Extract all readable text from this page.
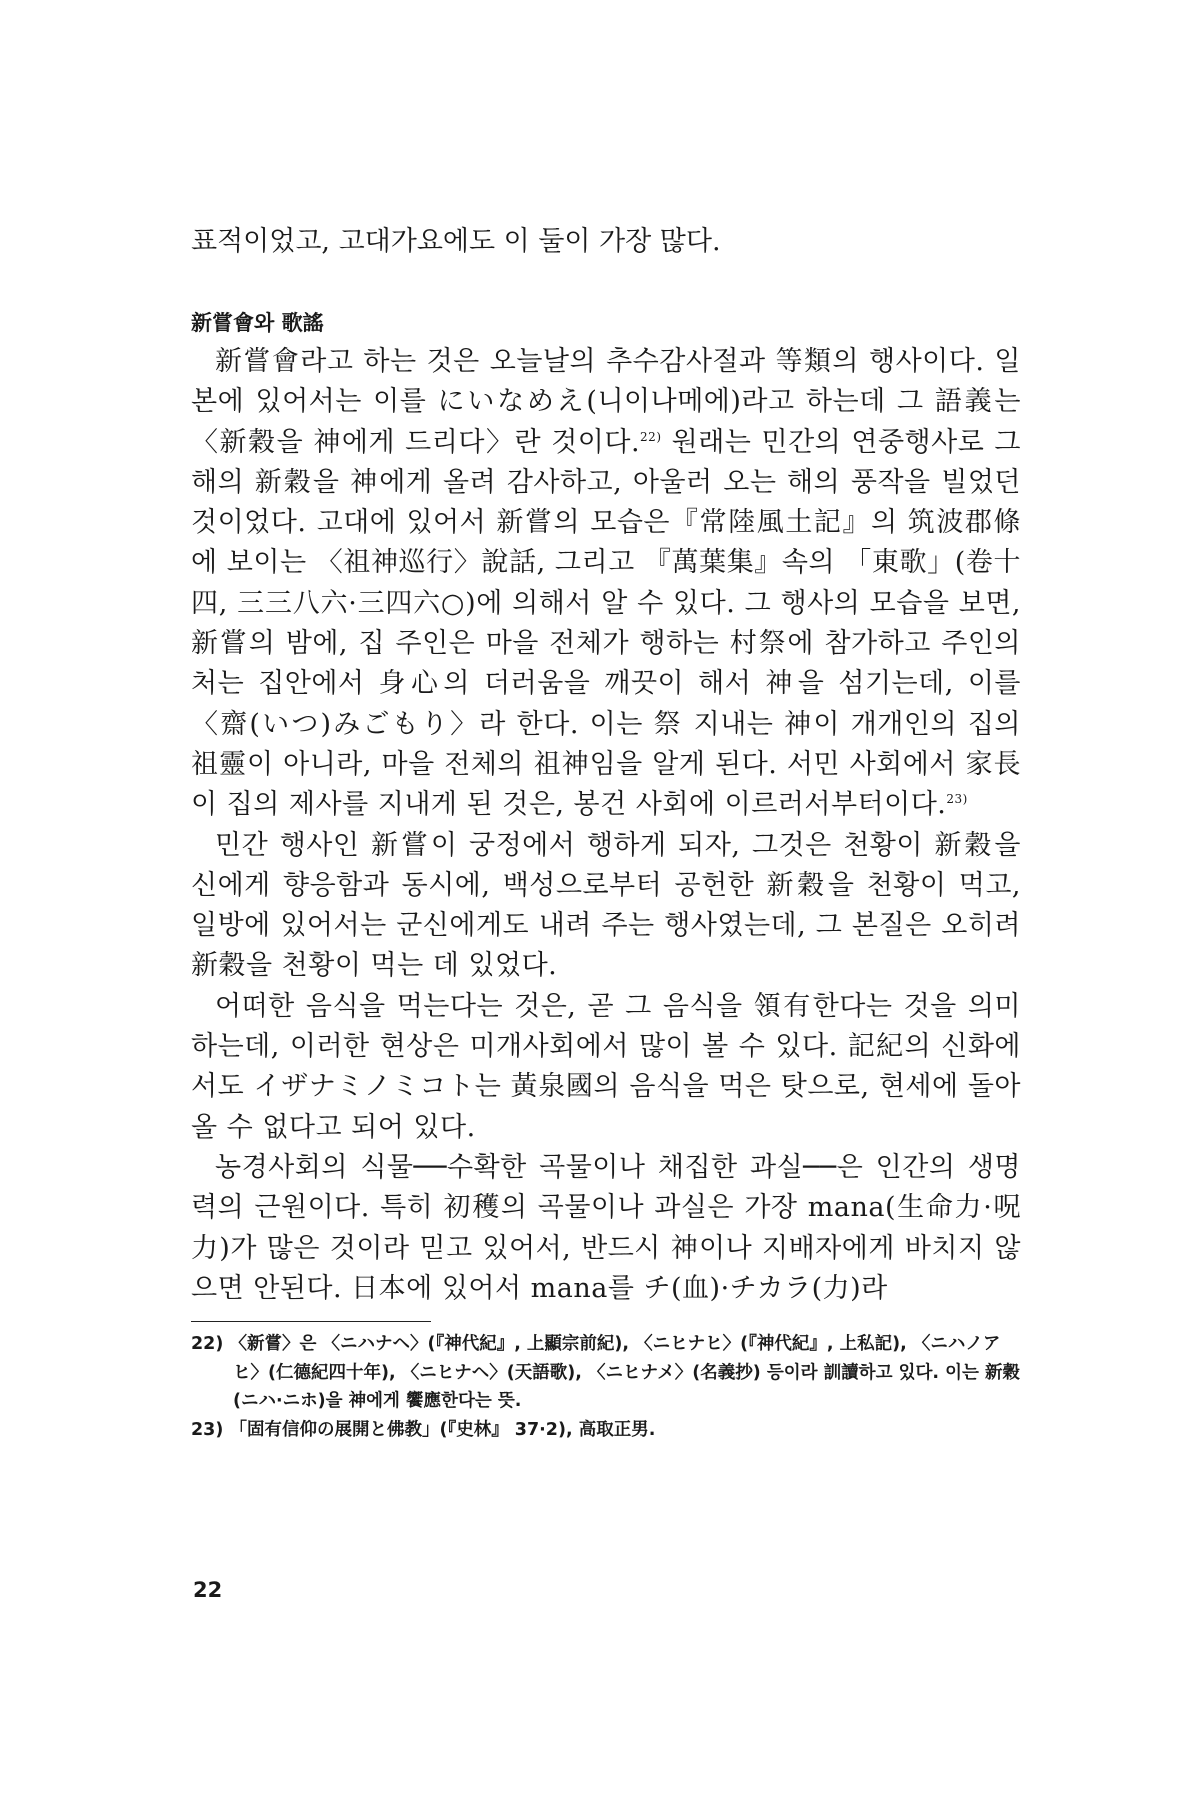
표적이었고, 고대가요에도 이 둘이 가장 많다.

新嘗會와 歌謠

新嘗會라고 하는 것은 오늘날의 추수감사절과 等類의 행사이다. 일본에 있어서는 이를 にいなめえ(니이나메에)라고 하는데 그 語義는 〈新穀을 神에게 드리다〉란 것이다.$^{22)}$ 원래는 민간의 연중행사로 그 해의 新穀을 神에게 올려 감사하고, 아울러 오는 해의 풍작을 빌었던 것이었다. 고대에 있어서 新嘗의 모습은『常陸風土記』의 筑波郡條에 보이는 〈祖神巡行〉說話, 그리고 『萬葉集』속의 「東歌」(卷十四, 三三八六·三四六○)에 의해서 알 수 있다. 그 행사의 모습을 보면, 新嘗의 밤에, 집 주인은 마을 전체가 행하는 村祭에 참가하고 주인의 처는 집안에서 身心의 더러움을 깨끗이 해서 神을 섬기는데, 이를 〈齋(いつ)みごもり〉라 한다. 이는 祭 지내는 神이 개개인의 집의 祖靈이 아니라, 마을 전체의 祖神임을 알게 된다. 서민 사회에서 家長이 집의 제사를 지내게 된 것은, 봉건 사회에 이르러서부터이다.$^{23)}$

민간 행사인 新嘗이 궁정에서 행하게 되자, 그것은 천황이 新穀을 신에게 향응함과 동시에, 백성으로부터 공헌한 新穀을 천황이 먹고, 일방에 있어서는 군신에게도 내려 주는 행사였는데, 그 본질은 오히려 新穀을 천황이 먹는 데 있었다.

어떠한 음식을 먹는다는 것은, 곧 그 음식을 領有한다는 것을 의미하는데, 이러한 현상은 미개사회에서 많이 볼 수 있다. 記紀의 신화에서도 イザナミノミコト는 黃泉國의 음식을 먹은 탓으로, 현세에 돌아올 수 없다고 되어 있다.

농경사회의 식물──수확한 곡물이나 채집한 과실──은 인간의 생명력의 근원이다. 특히 初穫의 곡물이나 과실은 가장 mana(生命力·呪力)가 많은 것이라 믿고 있어서, 반드시 神이나 지배자에게 바치지 않으면 안된다. 日本에 있어서 mana를 チ(血)·チカラ(力)라

22) 〈新嘗〉은 〈ニハナヘ〉(『神代紀』, 上顯宗前紀), 〈ニヒナヒ〉(『神代紀』, 上私記), 〈ニハノアヒ〉(仁德紀四十年), 〈ニヒナヘ〉(天語歌), 〈ニヒナメ〉(名義抄) 등이라 訓讀하고 있다. 이는 新穀(ニハ·ニホ)을 神에게 饗應한다는 뜻.

23) 「固有信仰の展開と佛教」(『史林』 37·2), 高取正男.

22
